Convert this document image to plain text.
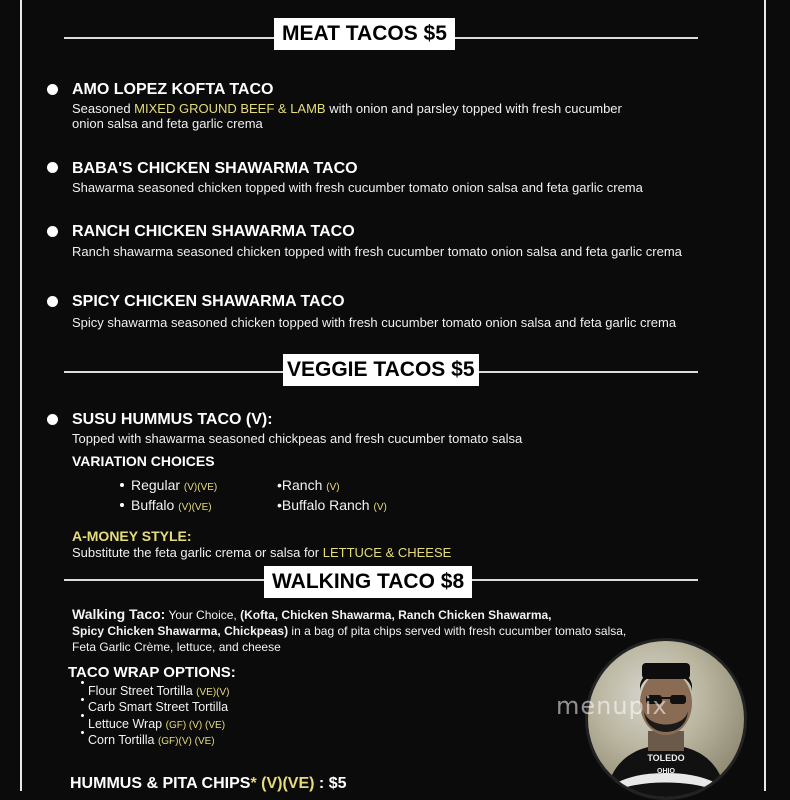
MEAT TACOS $5
AMO LOPEZ KOFTA TACO
Seasoned MIXED GROUND BEEF & LAMB with onion and parsley topped with fresh cucumber
onion salsa and feta garlic crema
BABA'S CHICKEN SHAWARMA TACO
Shawarma seasoned chicken topped with fresh cucumber tomato onion salsa and feta garlic crema
RANCH CHICKEN SHAWARMA TACO
Ranch shawarma seasoned chicken topped with fresh cucumber tomato onion salsa and feta garlic crema
SPICY CHICKEN SHAWARMA TACO
Spicy shawarma seasoned chicken topped with fresh cucumber tomato onion salsa and feta garlic crema
VEGGIE TACOS $5
SUSU HUMMUS TACO (V):
Topped with shawarma seasoned chickpeas and fresh cucumber tomato salsa
VARIATION CHOICES
Regular (V)(VE)
Buffalo (V)(VE)
•Ranch (V)
•Buffalo Ranch (V)
A-MONEY STYLE:
Substitute the feta garlic crema or salsa for LETTUCE & CHEESE
WALKING TACO $8
Walking Taco: Your Choice, (Kofta, Chicken Shawarma, Ranch Chicken Shawarma,
Spicy Chicken Shawarma, Chickpeas) in a bag of pita chips served with fresh cucumber tomato salsa,
Feta Garlic Crème, lettuce, and cheese
TACO WRAP OPTIONS:
Flour Street Tortilla (VE)(V)
Carb Smart Street Tortilla
Lettuce Wrap (GF) (V) (VE)
Corn Tortilla (GF)(V) (VE)
HUMMUS & PITA CHIPS* (V)(VE) : $5
TOLEDO
OHIO
menupix
